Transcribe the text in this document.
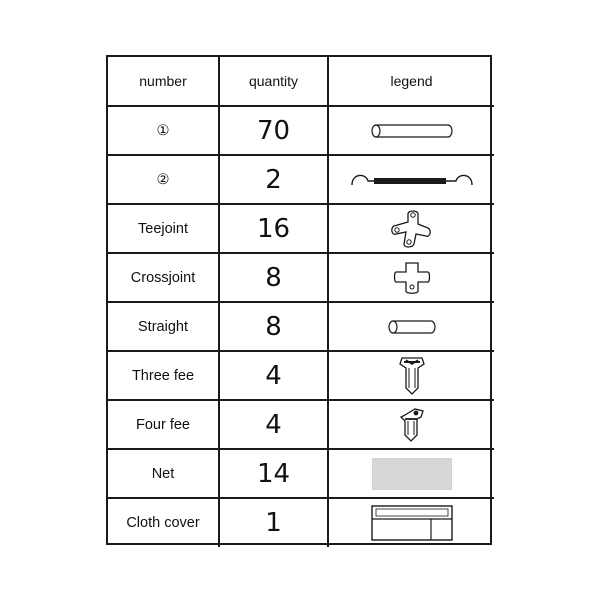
number	quantity	legend
①	70	

②	2	

Teejoint	16	

Crossjoint	8	

Straight	8	

Three fee	4	

Four fee	4	

Net	14	

Cloth cover	1	
